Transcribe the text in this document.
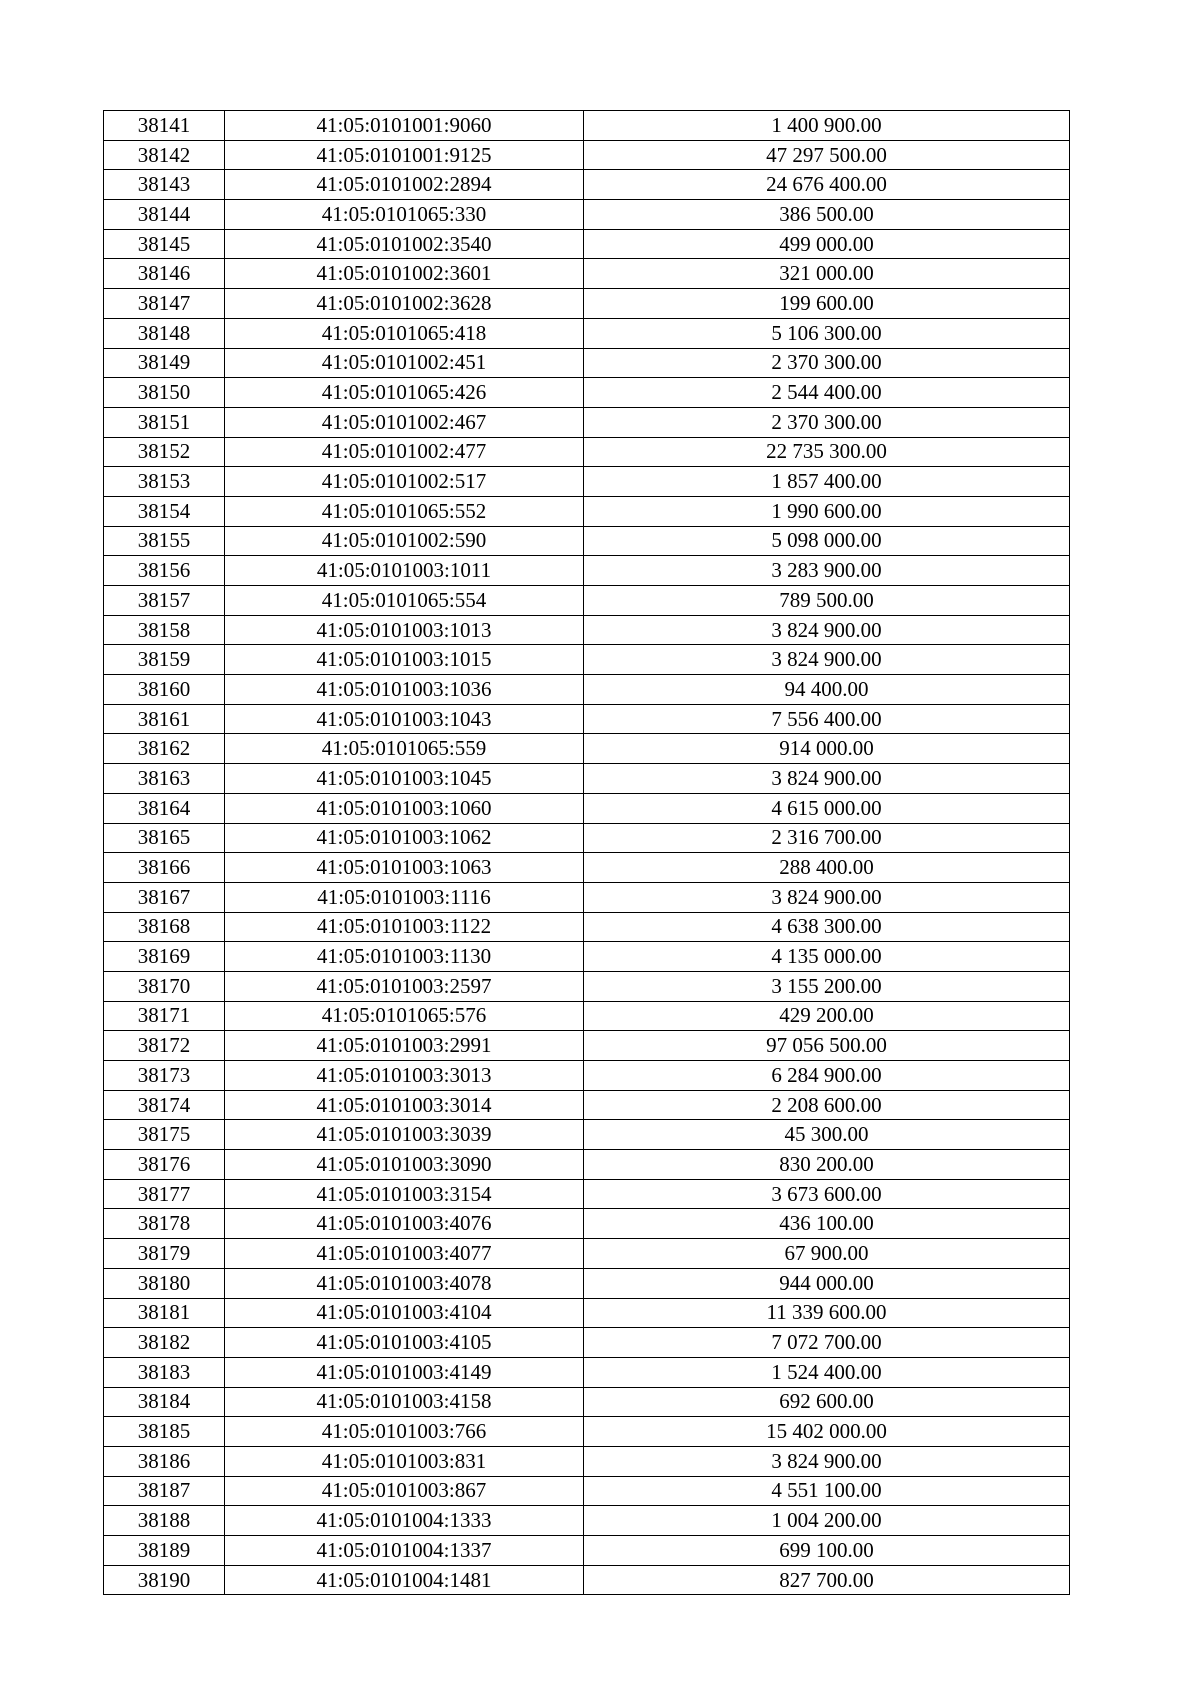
38141	41:05:0101001:9060	1 400 900.00
38142	41:05:0101001:9125	47 297 500.00
38143	41:05:0101002:2894	24 676 400.00
38144	41:05:0101065:330	386 500.00
38145	41:05:0101002:3540	499 000.00
38146	41:05:0101002:3601	321 000.00
38147	41:05:0101002:3628	199 600.00
38148	41:05:0101065:418	5 106 300.00
38149	41:05:0101002:451	2 370 300.00
38150	41:05:0101065:426	2 544 400.00
38151	41:05:0101002:467	2 370 300.00
38152	41:05:0101002:477	22 735 300.00
38153	41:05:0101002:517	1 857 400.00
38154	41:05:0101065:552	1 990 600.00
38155	41:05:0101002:590	5 098 000.00
38156	41:05:0101003:1011	3 283 900.00
38157	41:05:0101065:554	789 500.00
38158	41:05:0101003:1013	3 824 900.00
38159	41:05:0101003:1015	3 824 900.00
38160	41:05:0101003:1036	94 400.00
38161	41:05:0101003:1043	7 556 400.00
38162	41:05:0101065:559	914 000.00
38163	41:05:0101003:1045	3 824 900.00
38164	41:05:0101003:1060	4 615 000.00
38165	41:05:0101003:1062	2 316 700.00
38166	41:05:0101003:1063	288 400.00
38167	41:05:0101003:1116	3 824 900.00
38168	41:05:0101003:1122	4 638 300.00
38169	41:05:0101003:1130	4 135 000.00
38170	41:05:0101003:2597	3 155 200.00
38171	41:05:0101065:576	429 200.00
38172	41:05:0101003:2991	97 056 500.00
38173	41:05:0101003:3013	6 284 900.00
38174	41:05:0101003:3014	2 208 600.00
38175	41:05:0101003:3039	45 300.00
38176	41:05:0101003:3090	830 200.00
38177	41:05:0101003:3154	3 673 600.00
38178	41:05:0101003:4076	436 100.00
38179	41:05:0101003:4077	67 900.00
38180	41:05:0101003:4078	944 000.00
38181	41:05:0101003:4104	11 339 600.00
38182	41:05:0101003:4105	7 072 700.00
38183	41:05:0101003:4149	1 524 400.00
38184	41:05:0101003:4158	692 600.00
38185	41:05:0101003:766	15 402 000.00
38186	41:05:0101003:831	3 824 900.00
38187	41:05:0101003:867	4 551 100.00
38188	41:05:0101004:1333	1 004 200.00
38189	41:05:0101004:1337	699 100.00
38190	41:05:0101004:1481	827 700.00
